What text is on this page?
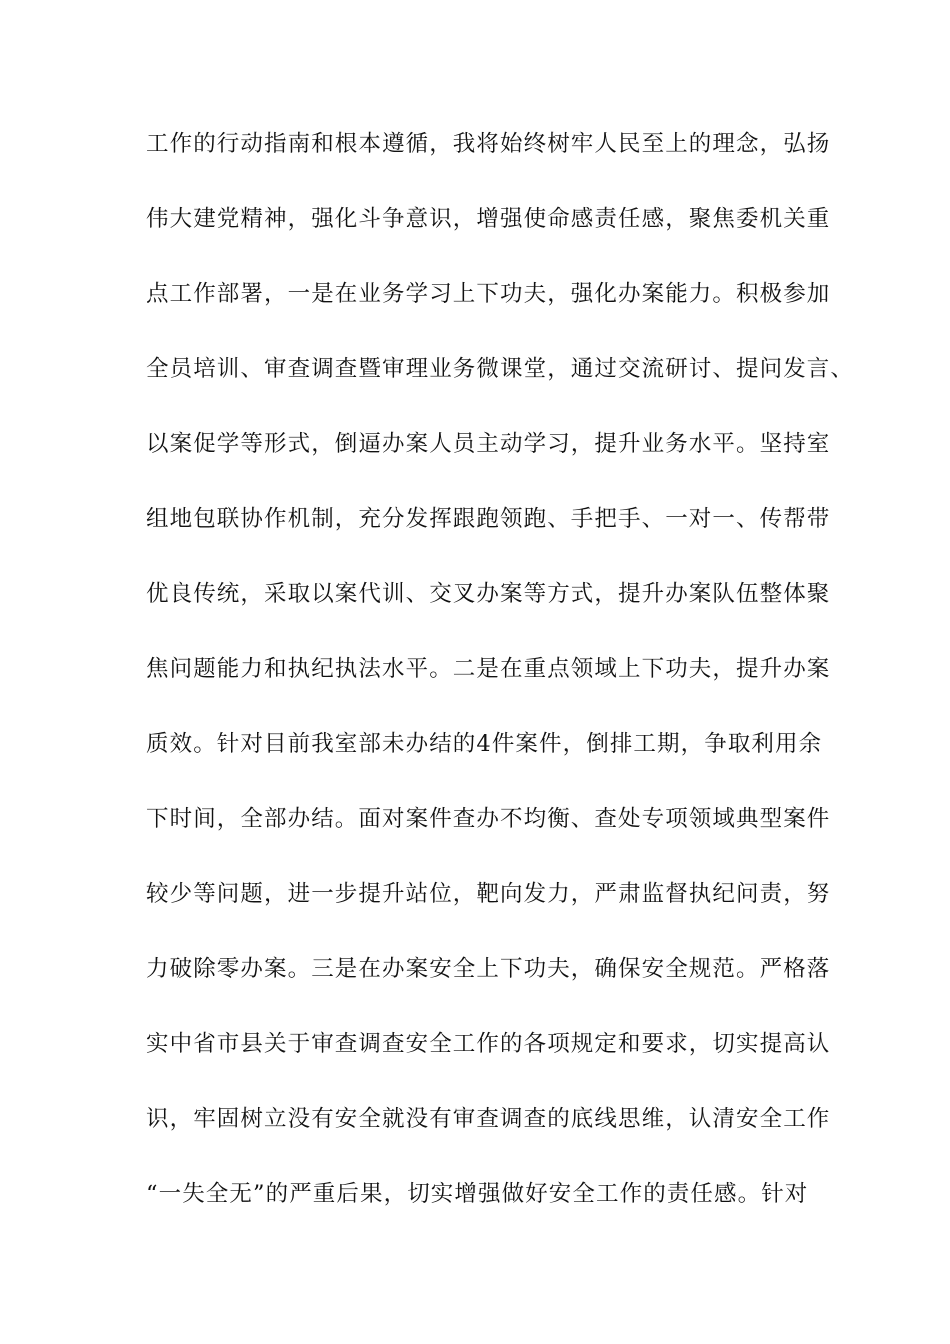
工作的行动指南和根本遵循，我将始终树牢人民至上的理念，弘扬
伟大建党精神，强化斗争意识，增强使命感责任感，聚焦委机关重
点工作部署，一是在业务学习上下功夫，强化办案能力。积极参加
全员培训、审查调查暨审理业务微课堂，通过交流研讨、提问发言、
以案促学等形式，倒逼办案人员主动学习，提升业务水平。坚持室
组地包联协作机制，充分发挥跟跑领跑、手把手、一对一、传帮带
优良传统，采取以案代训、交叉办案等方式，提升办案队伍整体聚
焦问题能力和执纪执法水平。二是在重点领域上下功夫，提升办案
质效。针对目前我室部未办结的4件案件，倒排工期，争取利用余
下时间，全部办结。面对案件查办不均衡、查处专项领域典型案件
较少等问题，进一步提升站位，靶向发力，严肃监督执纪问责，努
力破除零办案。三是在办案安全上下功夫，确保安全规范。严格落
实中省市县关于审查调查安全工作的各项规定和要求，切实提高认
识，牢固树立没有安全就没有审查调查的底线思维，认清安全工作
“一失全无”的严重后果，切实增强做好安全工作的责任感。针对
